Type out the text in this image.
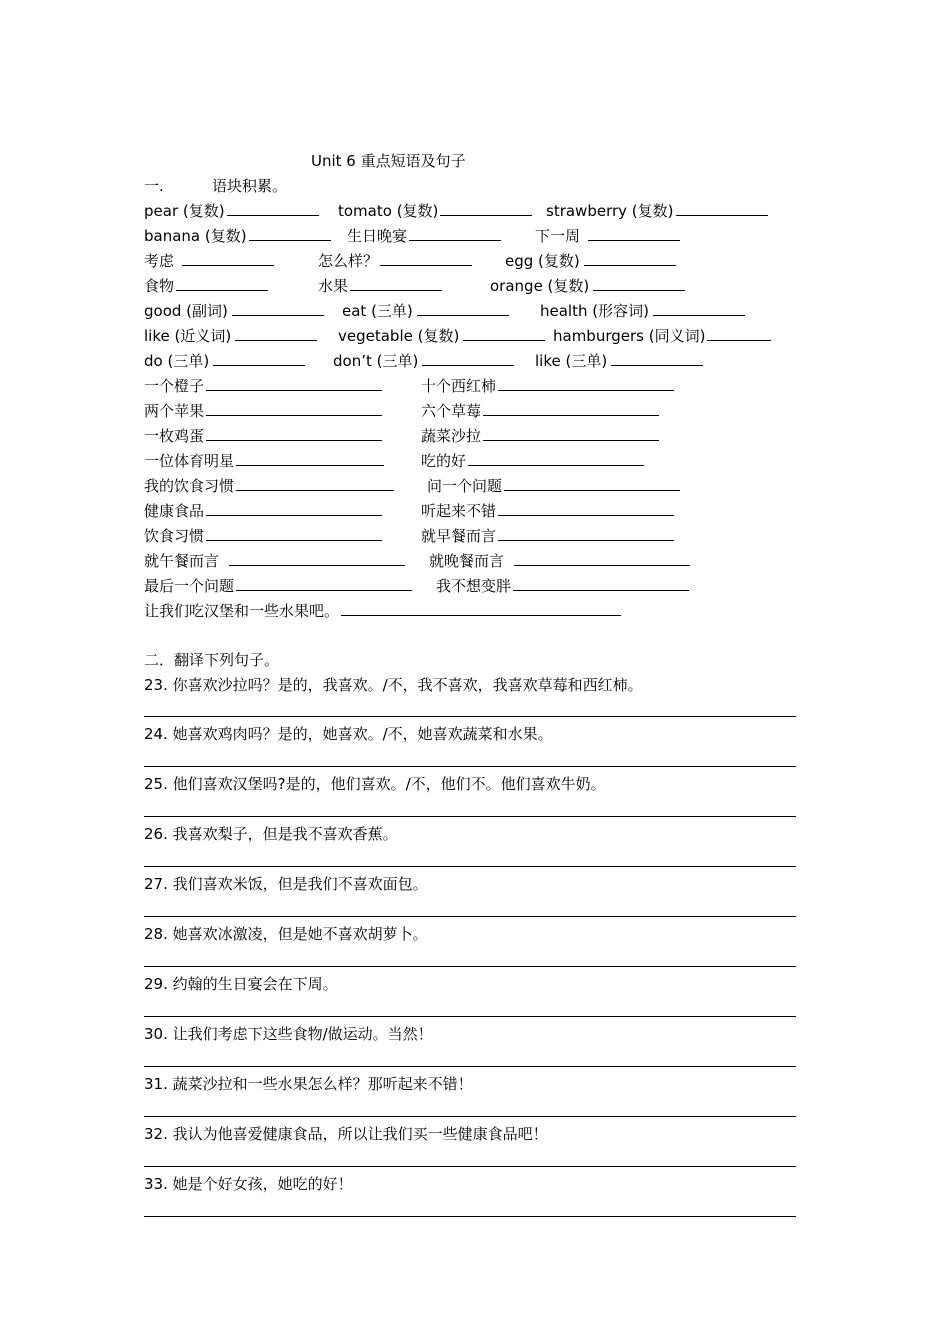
Unit 6 重点短语及句子
一.	语块积累。
pear (复数)	tomato (复数)	strawberry (复数)
banana (复数)	生日晚宴	下一周
考虑	怎么样？	egg (复数)
食物	水果	orange (复数)
good (副词)	eat (三单)	health (形容词)
like (近义词)	vegetable (复数)	hamburgers (同义词)
do (三单)	don’t (三单)	like (三单)
一个橙子	十个西红柿
两个苹果	六个草莓
一枚鸡蛋	蔬菜沙拉
一位体育明星	吃的好
我的饮食习惯	问一个问题
健康食品	听起来不错
饮食习惯	就早餐而言
就午餐而言	就晚餐而言
最后一个问题	我不想变胖
让我们吃汉堡和一些水果吧。
二．翻译下列句子。
23. 你喜欢沙拉吗？是的，我喜欢。/不，我不喜欢，我喜欢草莓和西红柿。
24. 她喜欢鸡肉吗？是的，她喜欢。/不，她喜欢蔬菜和水果。
25. 他们喜欢汉堡吗?是的，他们喜欢。/不，他们不。他们喜欢牛奶。
26. 我喜欢梨子，但是我不喜欢香蕉。
27. 我们喜欢米饭，但是我们不喜欢面包。
28. 她喜欢冰激凌，但是她不喜欢胡萝卜。
29. 约翰的生日宴会在下周。
30. 让我们考虑下这些食物/做运动。当然！
31. 蔬菜沙拉和一些水果怎么样？那听起来不错！
32. 我认为他喜爱健康食品，所以让我们买一些健康食品吧！
33. 她是个好女孩，她吃的好！
